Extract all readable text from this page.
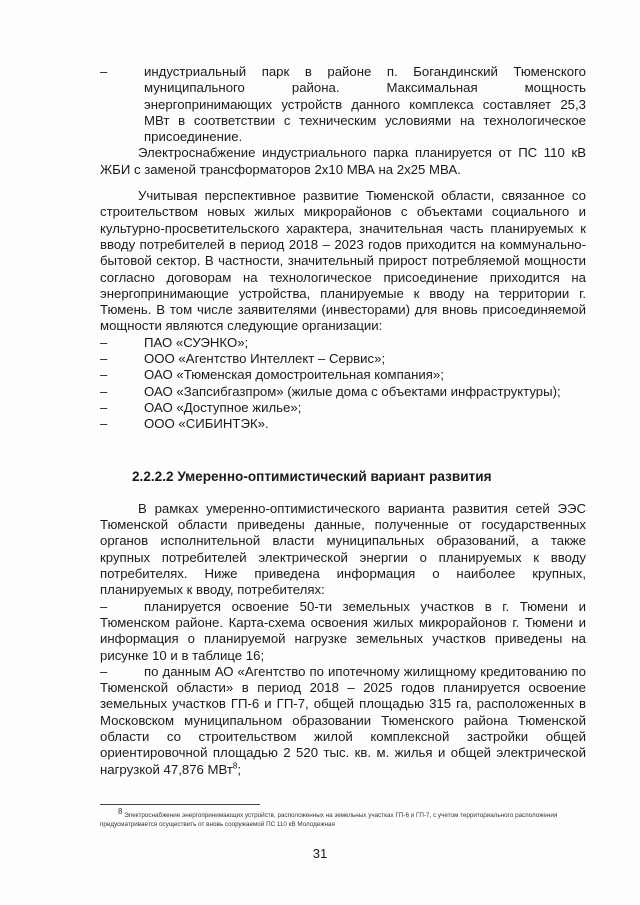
–	индустриальный парк в районе п. Богандинский Тюменского муниципального района. Максимальная мощность энергопринимающих устройств данного комплекса составляет 25,3 МВт в соответствии с техническим условиями на технологическое присоединение.

Электроснабжение индустриального парка планируется от ПС 110 кВ ЖБИ с заменой трансформаторов 2х10 МВА на 2х25 МВА.

Учитывая перспективное развитие Тюменской области, связанное со строительством новых жилых микрорайонов с объектами социального и культурно-просветительского характера, значительная часть планируемых к вводу потребителей в период 2018 – 2023 годов приходится на коммунально-бытовой сектор. В частности, значительный прирост потребляемой мощности согласно договорам на технологическое присоединение приходится на энергопринимающие устройства, планируемые к вводу на территории г. Тюмень. В том числе заявителями (инвесторами) для вновь присоединяемой мощности являются следующие организации:

–	ПАО «СУЭНКО»;
–	ООО «Агентство Интеллект – Сервис»;
–	ОАО «Тюменская домостроительная компания»;
–	ОАО «Запсибгазпром» (жилые дома с объектами инфраструктуры);
–	ОАО «Доступное жилье»;
–	ООО «СИБИНТЭК».

2.2.2.2 Умеренно-оптимистический вариант развития

В рамках умеренно-оптимистического варианта развития сетей ЭЭС Тюменской области приведены данные, полученные от государственных органов исполнительной власти муниципальных образований, а также крупных потребителей электрической энергии о планируемых к вводу потребителях. Ниже приведена информация о наиболее крупных, планируемых к вводу, потребителях:

–	планируется освоение 50-ти земельных участков в г. Тюмени и Тюменском районе. Карта-схема освоения жилых микрорайонов г. Тюмени и информация о планируемой нагрузке земельных участков приведены на рисунке 10 и в таблице 16;
–	по данным АО «Агентство по ипотечному жилищному кредитованию по Тюменской области» в период 2018 – 2025 годов планируется освоение земельных участков ГП-6 и ГП-7, общей площадью 315 га, расположенных в Московском муниципальном образовании Тюменского района Тюменской области со строительством жилой комплексной застройки общей ориентировочной площадью 2 520 тыс. кв. м. жилья и общей электрической нагрузкой 47,876 МВт$^8$;

$^8$ Электроснабжение энергопринимающих устройств, расположенных на земельных участках ГП-6 и ГП-7, с учетом территориального расположения предусматривается осуществить от вновь сооружаемой ПС 110 кВ Молодежная

31
